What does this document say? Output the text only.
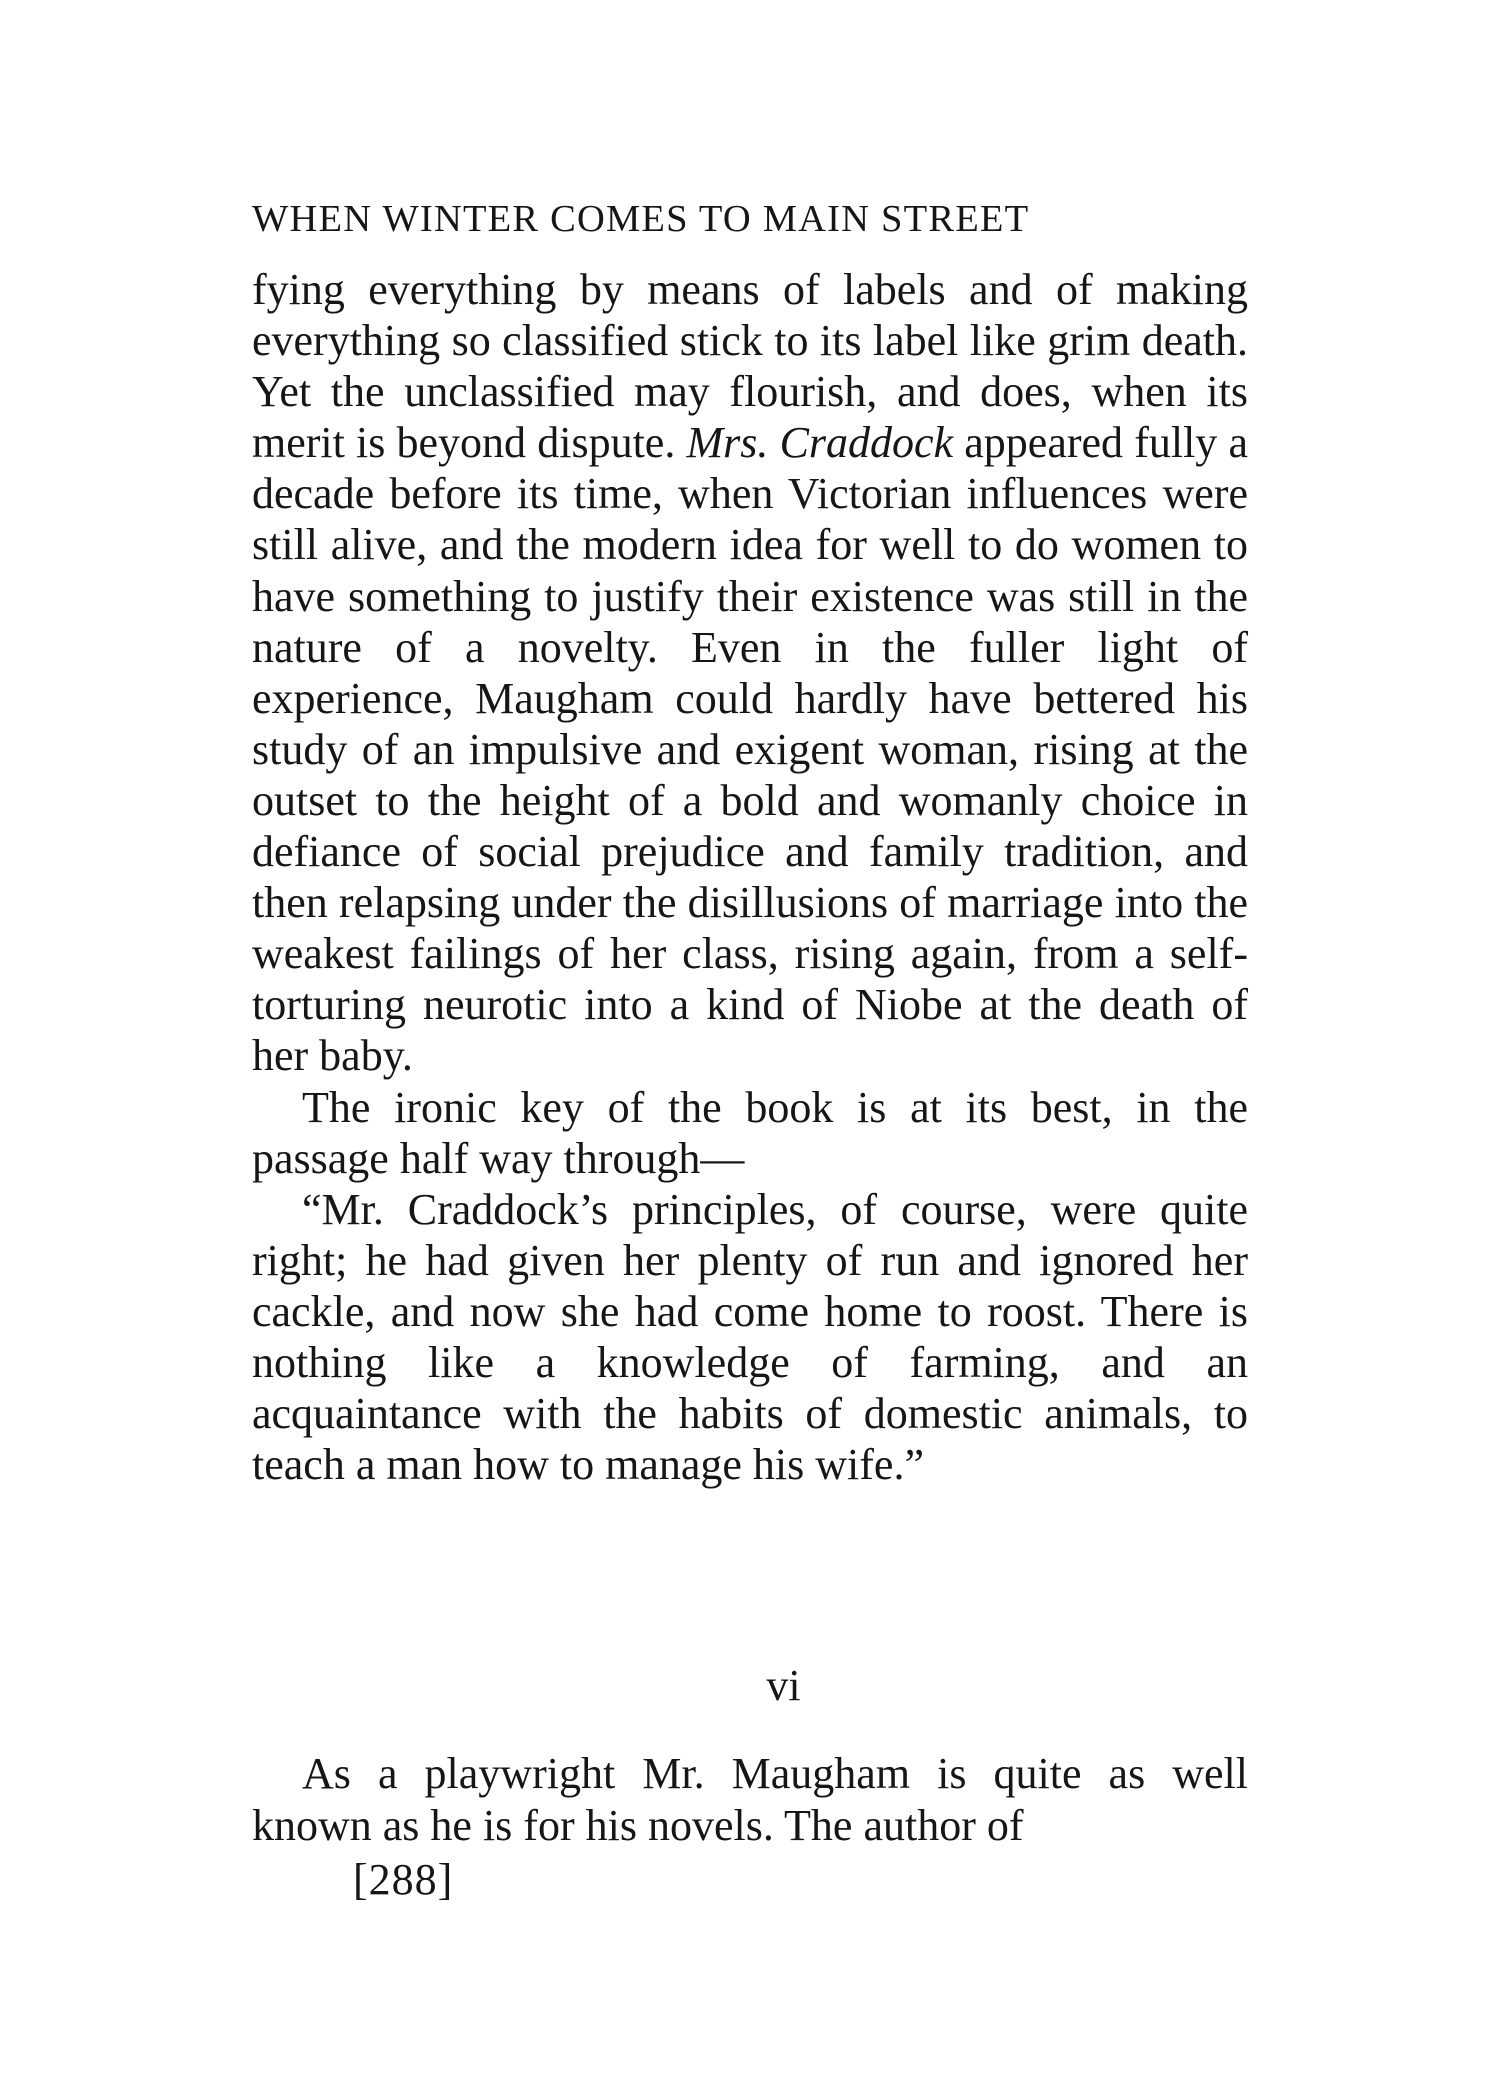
WHEN WINTER COMES TO MAIN STREET

fying everything by means of labels and of making everything so classified stick to its label like grim death. Yet the unclassified may flourish, and does, when its merit is beyond dispute. Mrs. Craddock appeared fully a decade before its time, when Victorian influences were still alive, and the modern idea for well to do women to have something to justify their existence was still in the nature of a novelty. Even in the fuller light of experience, Maugham could hardly have bettered his study of an impulsive and exigent woman, rising at the outset to the height of a bold and womanly choice in defiance of social prejudice and family tradition, and then relapsing under the disillusions of marriage into the weakest failings of her class, rising again, from a self-torturing neurotic into a kind of Niobe at the death of her baby.

The ironic key of the book is at its best, in the passage half way through—

“Mr. Craddock’s principles, of course, were quite right; he had given her plenty of run and ignored her cackle, and now she had come home to roost. There is nothing like a knowledge of farming, and an acquaintance with the habits of domestic animals, to teach a man how to manage his wife.”

vi

As a playwright Mr. Maugham is quite as well known as he is for his novels. The author of

[288]
